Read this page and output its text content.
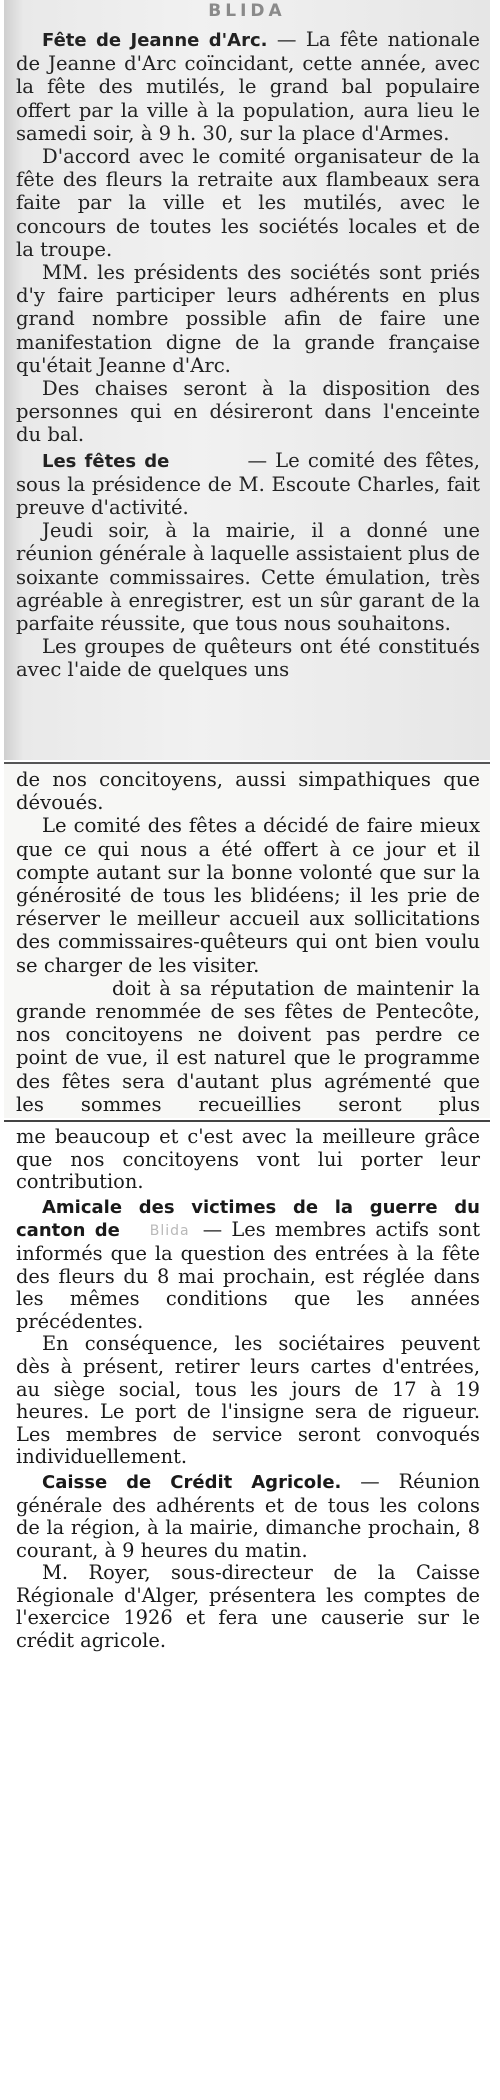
BLIDA

Fête de Jeanne d'Arc. — La fête nationale de Jeanne d'Arc coïncidant, cette année, avec la fête des mutilés, le grand bal populaire offert par la ville à la population, aura lieu le samedi soir, à 9 h. 30, sur la place d'Armes.

D'accord avec le comité organisateur de la fête des fleurs la retraite aux flambeaux sera faite par la ville et les mutilés, avec le concours de toutes les sociétés locales et de la troupe.

MM. les présidents des sociétés sont priés d'y faire participer leurs adhérents en plus grand nombre possible afin de faire une manifestation digne de la grande française qu'était Jeanne d'Arc.

Des chaises seront à la disposition des personnes qui en désireront dans l'enceinte du bal.

Les fêtes de	— Le comité des fêtes, sous la présidence de M. Escoute Charles, fait preuve d'activité.

Jeudi soir, à la mairie, il a donné une réunion générale à laquelle assistaient plus de soixante commissaires. Cette émulation, très agréable à enregistrer, est un sûr garant de la parfaite réussite, que tous nous souhaitons.

Les groupes de quêteurs ont été constitués avec l'aide de quelques uns

de nos concitoyens, aussi simpathiques que dévoués.

Le comité des fêtes a décidé de faire mieux que ce qui nous a été offert à ce jour et il compte autant sur la bonne volonté que sur la générosité de tous les blidéens; il les prie de réserver le meilleur accueil aux sollicitations des commissaires-quêteurs qui ont bien voulu se charger de les visiter.

doit à sa réputation de maintenir la grande renommée de ses fêtes de Pentecôte, nos concitoyens ne doivent pas perdre ce point de vue, il est naturel que le programme des fêtes sera d'autant plus agrémenté que les sommes recueillies seront plus

me beaucoup et c'est avec la meilleure grâce que nos concitoyens vont lui porter leur contribution.

Amicale des victimes de la guerre du canton de Blida — Les membres actifs sont informés que la question des entrées à la fête des fleurs du 8 mai prochain, est réglée dans les mêmes conditions que les années précédentes.

En conséquence, les sociétaires peuvent dès à présent, retirer leurs cartes d'entrées, au siège social, tous les jours de 17 à 19 heures. Le port de l'insigne sera de rigueur. Les membres de service seront convoqués individuellement.

Caisse de Crédit Agricole. — Réunion générale des adhérents et de tous les colons de la région, à la mairie, dimanche prochain, 8 courant, à 9 heures du matin.

M. Royer, sous-directeur de la Caisse Régionale d'Alger, présentera les comptes de l'exercice 1926 et fera une causerie sur le crédit agricole.
